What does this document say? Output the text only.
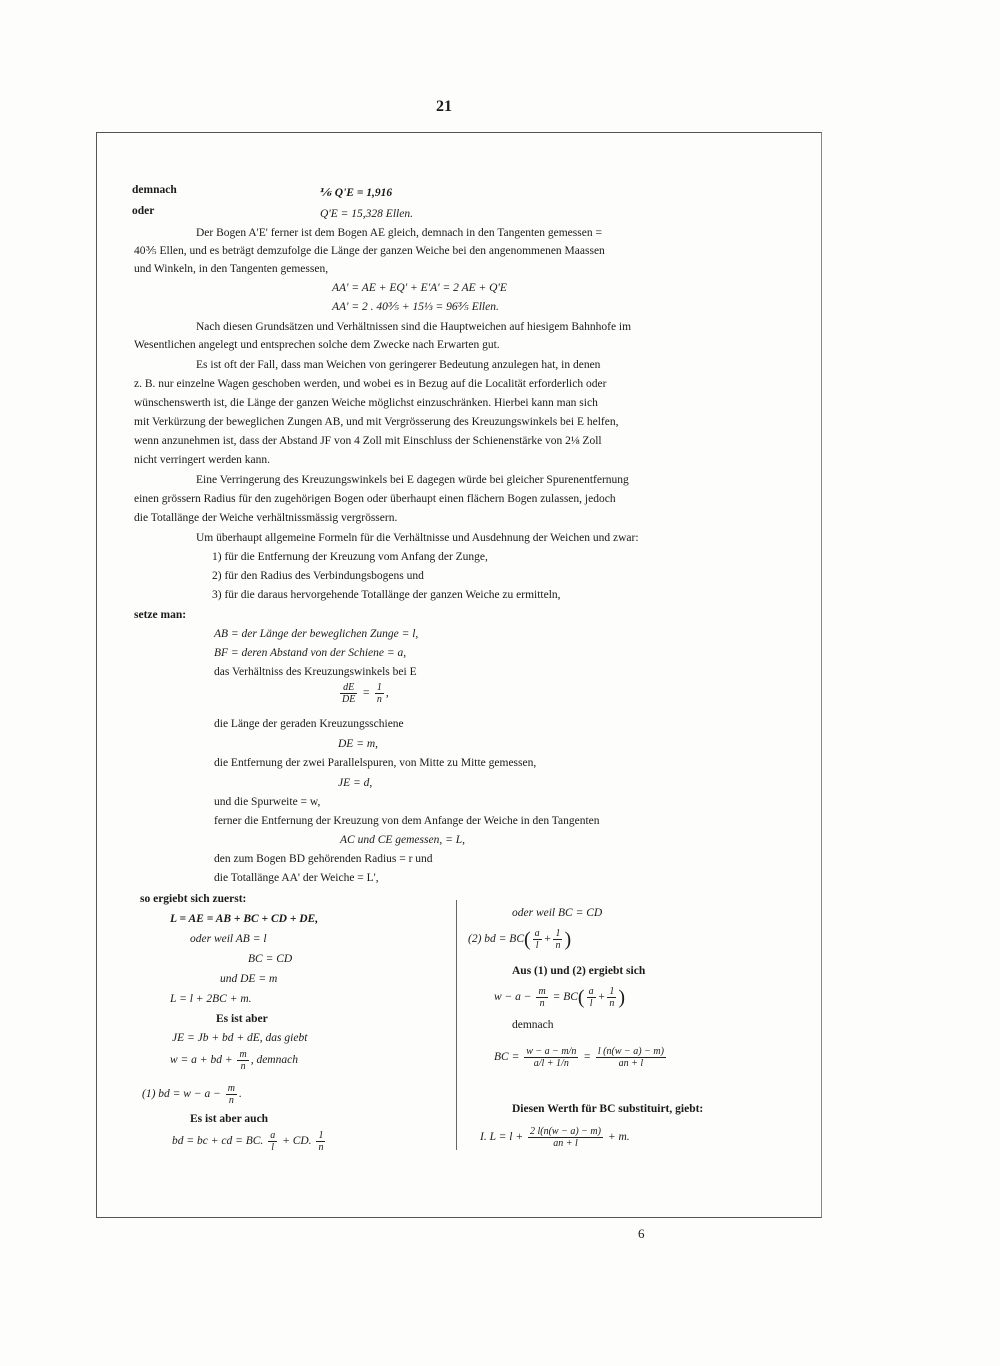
21
demnach	⅙ Q'E = 1,916
oder	Q'E = 15,328 Ellen.
Der Bogen A'E' ferner ist dem Bogen AE gleich, demnach in den Tangenten gemessen =
40⅗ Ellen, und es beträgt demzufolge die Länge der ganzen Weiche bei den angenommenen Maassen
und Winkeln, in den Tangenten gemessen,
AA' = AE + EQ' + E'A' = 2 AE + Q'E
AA' = 2 . 40⅗ + 15⅓ = 96⅗ Ellen.
Nach diesen Grundsätzen und Verhältnissen sind die Hauptweichen auf hiesigem Bahnhofe im
Wesentlichen angelegt und entsprechen solche dem Zwecke nach Erwarten gut.
Es ist oft der Fall, dass man Weichen von geringerer Bedeutung anzulegen hat, in denen
z. B. nur einzelne Wagen geschoben werden, und wobei es in Bezug auf die Localität erforderlich oder
wünschenswerth ist, die Länge der ganzen Weiche möglichst einzuschränken. Hierbei kann man sich
mit Verkürzung der beweglichen Zungen AB, und mit Vergrösserung des Kreuzungswinkels bei E helfen,
wenn anzunehmen ist, dass der Abstand JF von 4 Zoll mit Einschluss der Schienenstärke von 2⅛ Zoll
nicht verringert werden kann.
Eine Verringerung des Kreuzungswinkels bei E dagegen würde bei gleicher Spurenentfernung
einen grössern Radius für den zugehörigen Bogen oder überhaupt einen flächern Bogen zulassen, jedoch
die Totallänge der Weiche verhältnissmässig vergrössern.
Um überhaupt allgemeine Formeln für die Verhältnisse und Ausdehnung der Weichen und zwar:
1) für die Entfernung der Kreuzung vom Anfang der Zunge,
2) für den Radius des Verbindungsbogens und
3) für die daraus hervorgehende Totallänge der ganzen Weiche zu ermitteln,
setze man:
AB = der Länge der beweglichen Zunge = l,
BF = deren Abstand von der Schiene = a,
das Verhältniss des Kreuzungswinkels bei E
$\frac{dE}{DE} = \frac{1}{n}$ ,
die Länge der geraden Kreuzungsschiene
DE = m,
die Entfernung der zwei Parallelspuren, von Mitte zu Mitte gemessen,
JE = d,
und die Spurweite = w,
ferner die Entfernung der Kreuzung von dem Anfange der Weiche in den Tangenten
AC und CE gemessen, = L,
den zum Bogen BD gehörenden Radius = r und
die Totallänge AA' der Weiche = L',
so ergiebt sich zuerst:
L = AE = AB + BC + CD + DE,
oder weil AB = l
BC = CD
und DE = m
L = l + 2BC + m.
Es ist aber
JE = Jb + bd + dE, das giebt
w = a + bd + $\frac{m}{n}$ , demnach
(1) bd = $w - a - \frac{m}{n}$ .
Es ist aber auch
bd = bc + cd = BC. $\frac{a}{l}$ + CD. $\frac{1}{n}$
oder weil BC = CD
(2) bd = $BC( \frac{a}{l} + \frac{1}{n}$ )
Aus (1) und (2) ergiebt sich
$w - a - \frac{m}{n} = BC( \frac{a}{l} + \frac{1}{n}$ )
demnach
BC = $\frac{w - a - m/n}{a/l + 1/n} = \frac{l (n(w - a) - m)}{an + l}$
Diesen Werth für BC substituirt, giebt:
I. $L = l + \frac{2 l(n(w - a) - m)}{an + l} + m$.
6
